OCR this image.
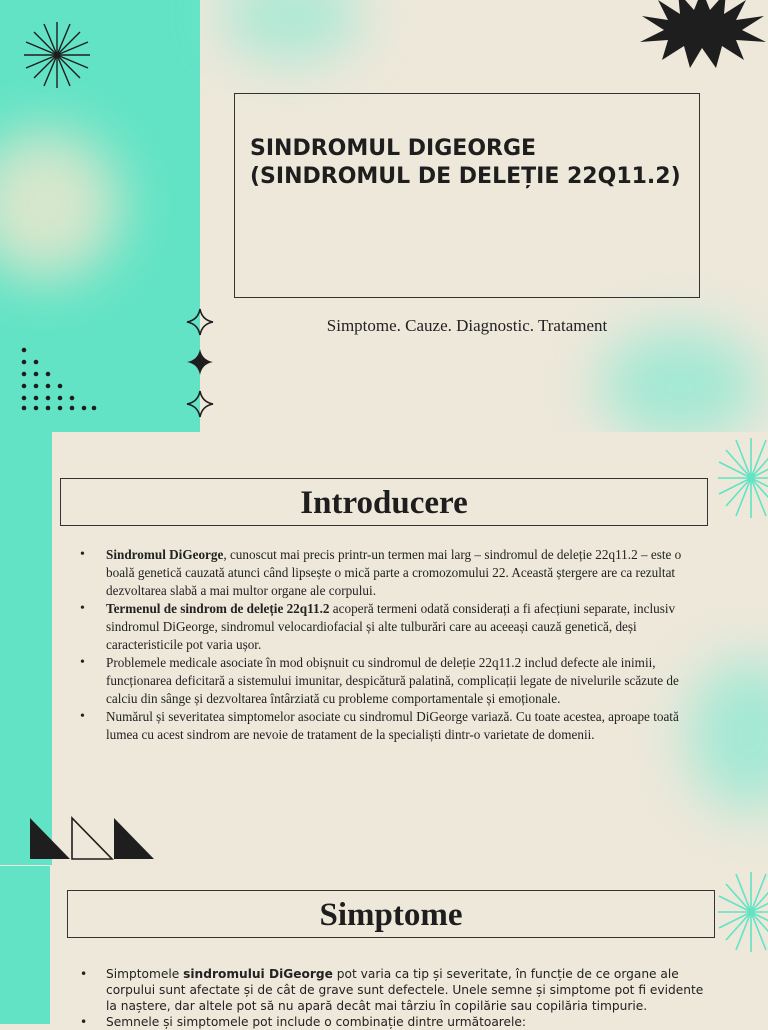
SINDROMUL DIGEORGE
(SINDROMUL DE DELEȚIE 22Q11.2)
Simptome. Cauze. Diagnostic. Tratament
Introducere
• Sindromul DiGeorge, cunoscut mai precis printr-un termen mai larg – sindromul de deleție 22q11.2 – este o boală genetică cauzată atunci când lipsește o mică parte a cromozomului 22. Această ștergere are ca rezultat dezvoltarea slabă a mai multor organe ale corpului.
• Termenul de sindrom de deleție 22q11.2 acoperă termeni odată considerați a fi afecțiuni separate, inclusiv sindromul DiGeorge, sindromul velocardiofacial și alte tulburări care au aceeași cauză genetică, deși caracteristicile pot varia ușor.
• Problemele medicale asociate în mod obișnuit cu sindromul de deleție 22q11.2 includ defecte ale inimii, funcționarea deficitară a sistemului imunitar, despicătură palatină, complicații legate de nivelurile scăzute de calciu din sânge și dezvoltarea întârziată cu probleme comportamentale și emoționale.
• Numărul și severitatea simptomelor asociate cu sindromul DiGeorge variază. Cu toate acestea, aproape toată lumea cu acest sindrom are nevoie de tratament de la specialiști dintr-o varietate de domenii.
Simptome
• Simptomele sindromului DiGeorge pot varia ca tip și severitate, în funcție de ce organe ale corpului sunt afectate și de cât de grave sunt defectele. Unele semne și simptome pot fi evidente la naștere, dar altele pot să nu apară decât mai târziu în copilărie sau copilăria timpurie.
• Semnele și simptomele pot include o combinație dintre următoarele:
